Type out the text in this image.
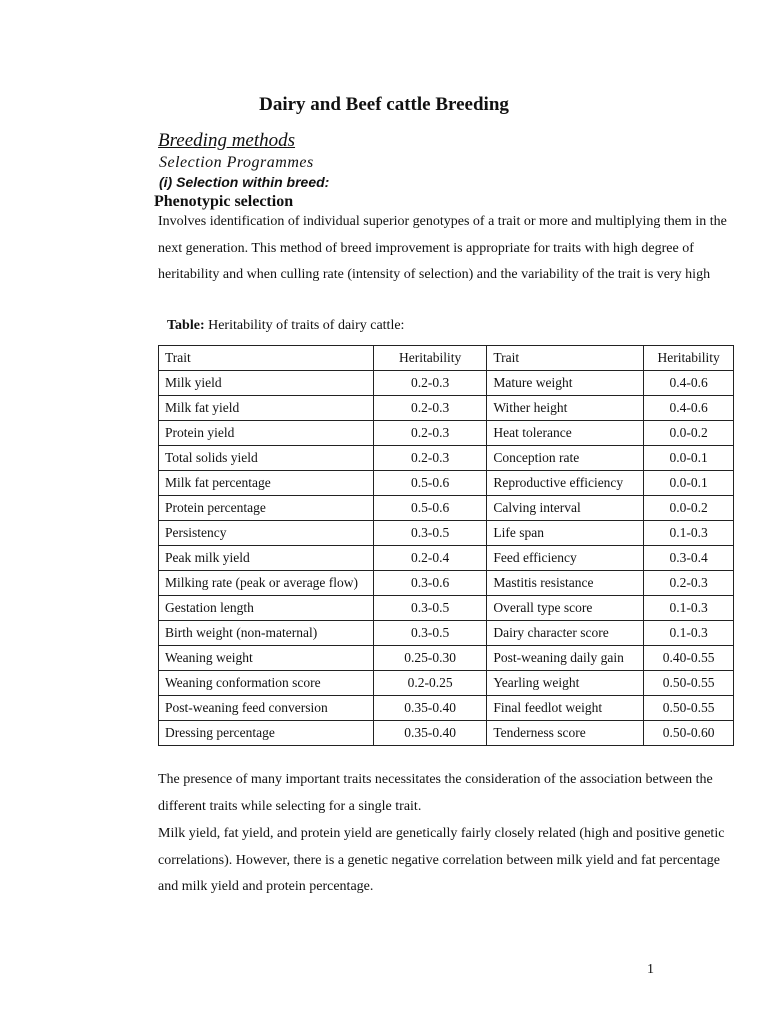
Dairy and Beef cattle Breeding
Breeding methods
Selection Programmes
(i) Selection within breed:
Phenotypic selection
Involves identification of individual superior genotypes of a trait or more and multiplying them in the next generation. This method of breed improvement is appropriate for traits with high degree of heritability and when culling rate (intensity of selection) and the variability of the trait is very high
Table: Heritability of traits of dairy cattle:
Trait	Heritability	Trait	Heritability
Milk yield	0.2-0.3	Mature weight	0.4-0.6
Milk fat yield	0.2-0.3	Wither height	0.4-0.6
Protein yield	0.2-0.3	Heat tolerance	0.0-0.2
Total solids yield	0.2-0.3	Conception rate	0.0-0.1
Milk fat percentage	0.5-0.6	Reproductive efficiency	0.0-0.1
Protein percentage	0.5-0.6	Calving interval	0.0-0.2
Persistency	0.3-0.5	Life span	0.1-0.3
Peak milk yield	0.2-0.4	Feed efficiency	0.3-0.4
Milking rate (peak or average flow)	0.3-0.6	Mastitis resistance	0.2-0.3
Gestation length	0.3-0.5	Overall type score	0.1-0.3
Birth weight (non-maternal)	0.3-0.5	Dairy character score	0.1-0.3
Weaning weight	0.25-0.30	Post-weaning daily gain	0.40-0.55
Weaning conformation score	0.2-0.25	Yearling weight	0.50-0.55
Post-weaning feed conversion	0.35-0.40	Final feedlot weight	0.50-0.55
Dressing percentage	0.35-0.40	Tenderness score	0.50-0.60
The presence of many important traits necessitates the consideration of the association between the different traits while selecting for a single trait.
Milk yield, fat yield, and protein yield are genetically fairly closely related (high and positive genetic correlations). However, there is a genetic negative correlation between milk yield and fat percentage and milk yield and protein percentage.
1
